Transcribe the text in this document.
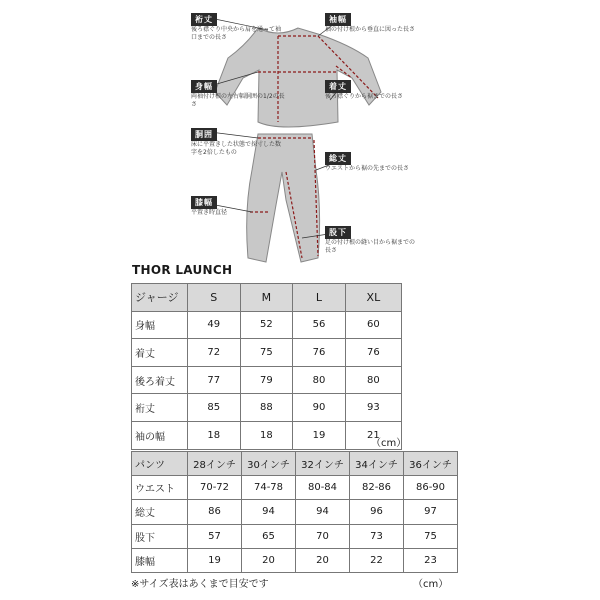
裄丈
後ろ襟ぐり中央から肩を通って袖口までの長さ
袖幅
袖の付け根から垂直に図った長さ
身幅
両袖付け根の左右幅胴囲の1/2の長さ
着丈
後ろ襟ぐりから裾までの長さ
胴囲
床に平置きした状態で採寸した数字を2倍したもの
総丈
ウエストから裾の先までの長さ
膝幅
平置き時直径
股下
足の付け根の縫い目から裾までの長さ
THOR LAUNCH
ジャージ	S	M	L	XL
身幅	49	52	56	60
着丈	72	75	76	76
後ろ着丈	77	79	80	80
裄丈	85	88	90	93
袖の幅	18	18	19	21
（cm）
パンツ	28インチ	30インチ	32インチ	34インチ	36インチ
ウエスト	70-72	74-78	80-84	82-86	86-90
総丈	86	94	94	96	97
股下	57	65	70	73	75
膝幅	19	20	20	22	23
※サイズ表はあくまで目安です	（cm）
